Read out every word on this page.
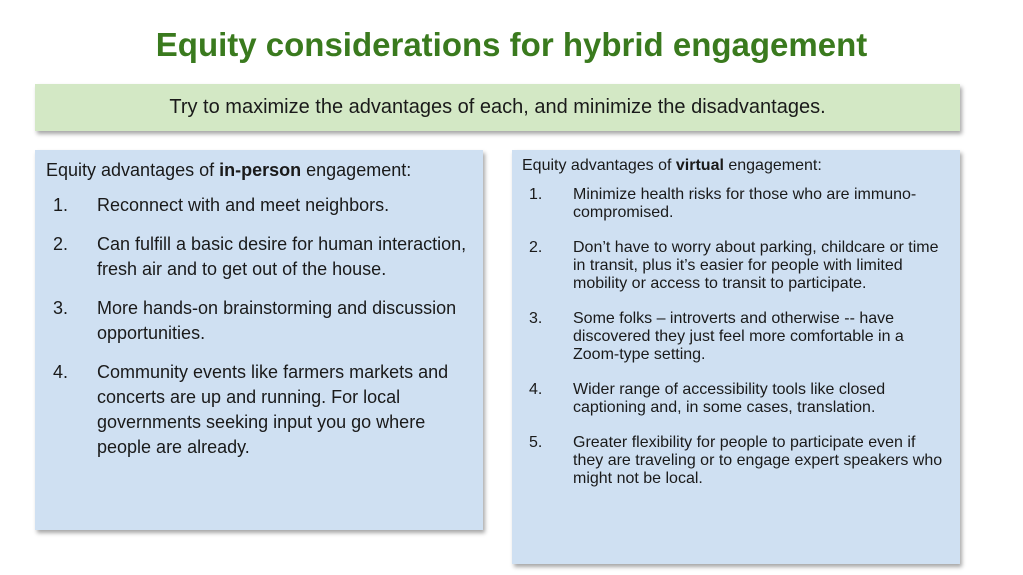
Equity considerations for hybrid engagement
Try to maximize the advantages of each, and minimize the disadvantages.

Equity advantages of in-person engagement:

1.	Reconnect with and meet neighbors.
2.	Can fulfill a basic desire for human interaction, fresh air and to get out of the house.
3.	More hands-on brainstorming and discussion opportunities.
4.	Community events like farmers markets and concerts are up and running. For local governments seeking input you go where people are already.

Equity advantages of virtual engagement:

1.	Minimize health risks for those who are immuno-compromised.
2.	Don’t have to worry about parking, childcare or time in transit, plus it’s easier for people with limited mobility or access to transit to participate.
3.	Some folks – introverts and otherwise -- have discovered they just feel more comfortable in a Zoom-type setting.
4.	Wider range of accessibility tools like closed captioning and, in some cases, translation.
5.	Greater flexibility for people to participate even if they are traveling or to engage expert speakers who might not be local.
